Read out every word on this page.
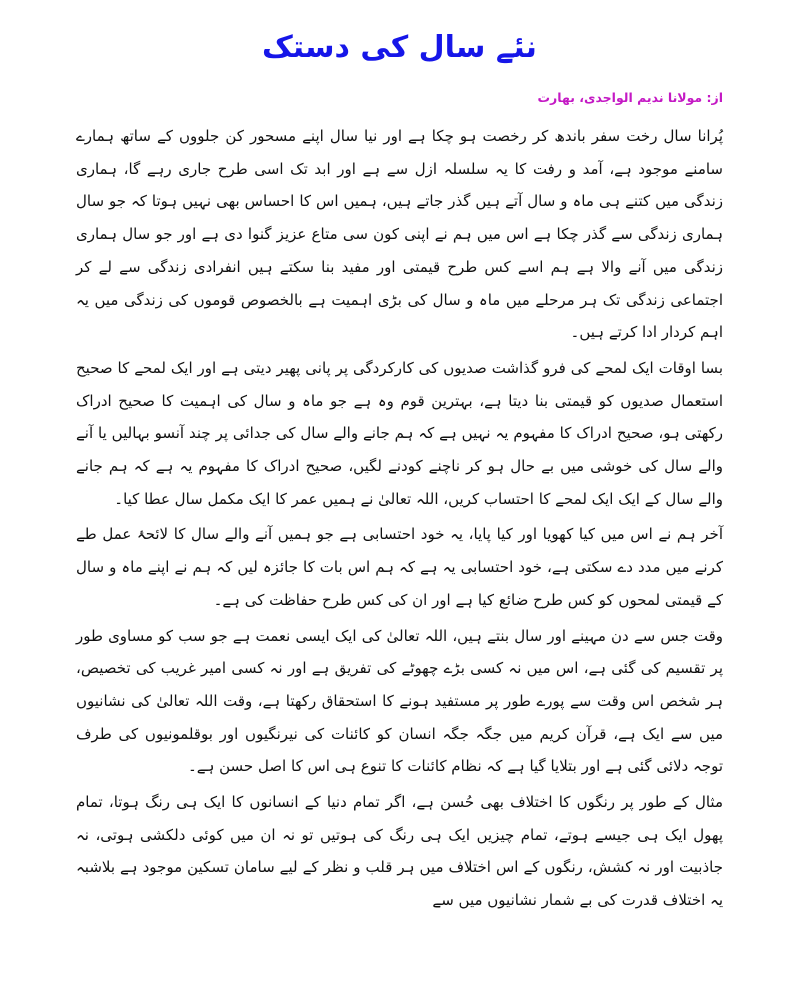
نئے سال کی دستک
از: مولانا ندیم الواجدی، بھارت

پُرانا سال رخت سفر باندھ کر رخصت ہو چکا ہے اور نیا سال اپنے مسحور کن جلووں کے ساتھ ہمارے سامنے موجود ہے، آمد و رفت کا یہ سلسلہ ازل سے ہے اور ابد تک اسی طرح جاری رہے گا، ہماری زندگی میں کتنے ہی ماہ و سال آتے ہیں گذر جاتے ہیں، ہمیں اس کا احساس بھی نہیں ہوتا کہ جو سال ہماری زندگی سے گذر چکا ہے اس میں ہم نے اپنی کون سی متاع عزیز گنوا دی ہے اور جو سال ہماری زندگی میں آنے والا ہے ہم اسے کس طرح قیمتی اور مفید بنا سکتے ہیں انفرادی زندگی سے لے کر اجتماعی زندگی تک ہر مرحلے میں ماہ و سال کی بڑی اہمیت ہے بالخصوص قوموں کی زندگی میں یہ اہم کردار ادا کرتے ہیں۔

بسا اوقات ایک لمحے کی فرو گذاشت صدیوں کی کارکردگی پر پانی پھیر دیتی ہے اور ایک لمحے کا صحیح استعمال صدیوں کو قیمتی بنا دیتا ہے، بہترین قوم وہ ہے جو ماہ و سال کی اہمیت کا صحیح ادراک رکھتی ہو، صحیح ادراک کا مفہوم یہ نہیں ہے کہ ہم جانے والے سال کی جدائی پر چند آنسو بہالیں یا آنے والے سال کی خوشی میں بے حال ہو کر ناچنے کودنے لگیں، صحیح ادراک کا مفہوم یہ ہے کہ ہم جانے والے سال کے ایک ایک لمحے کا احتساب کریں، اللہ تعالیٰ نے ہمیں عمر کا ایک مکمل سال عطا کیا۔

آخر ہم نے اس میں کیا کھویا اور کیا پایا، یہ خود احتسابی ہے جو ہمیں آنے والے سال کا لائحۂ عمل طے کرنے میں مدد دے سکتی ہے، خود احتسابی یہ ہے کہ ہم اس بات کا جائزہ لیں کہ ہم نے اپنے ماہ و سال کے قیمتی لمحوں کو کس طرح ضائع کیا ہے اور ان کی کس طرح حفاظت کی ہے۔

وقت جس سے دن مہینے اور سال بنتے ہیں، اللہ تعالیٰ کی ایک ایسی نعمت ہے جو سب کو مساوی طور پر تقسیم کی گئی ہے، اس میں نہ کسی بڑے چھوٹے کی تفریق ہے اور نہ کسی امیر غریب کی تخصیص، ہر شخص اس وقت سے پورے طور پر مستفید ہونے کا استحقاق رکھتا ہے، وقت اللہ تعالیٰ کی نشانیوں میں سے ایک ہے، قرآن کریم میں جگہ جگہ انسان کو کائنات کی نیرنگیوں اور بوقلمونیوں کی طرف توجہ دلائی گئی ہے اور بتلایا گیا ہے کہ نظام کائنات کا تنوع ہی اس کا اصل حسن ہے۔

مثال کے طور پر رنگوں کا اختلاف بھی حُسن ہے، اگر تمام دنیا کے انسانوں کا ایک ہی رنگ ہوتا، تمام پھول ایک ہی جیسے ہوتے، تمام چیزیں ایک ہی رنگ کی ہوتیں تو نہ ان میں کوئی دلکشی ہوتی، نہ جاذبیت اور نہ کشش، رنگوں کے اس اختلاف میں ہر قلب و نظر کے لیے سامان تسکین موجود ہے بلاشبہ یہ اختلاف قدرت کی بے شمار نشانیوں میں سے
